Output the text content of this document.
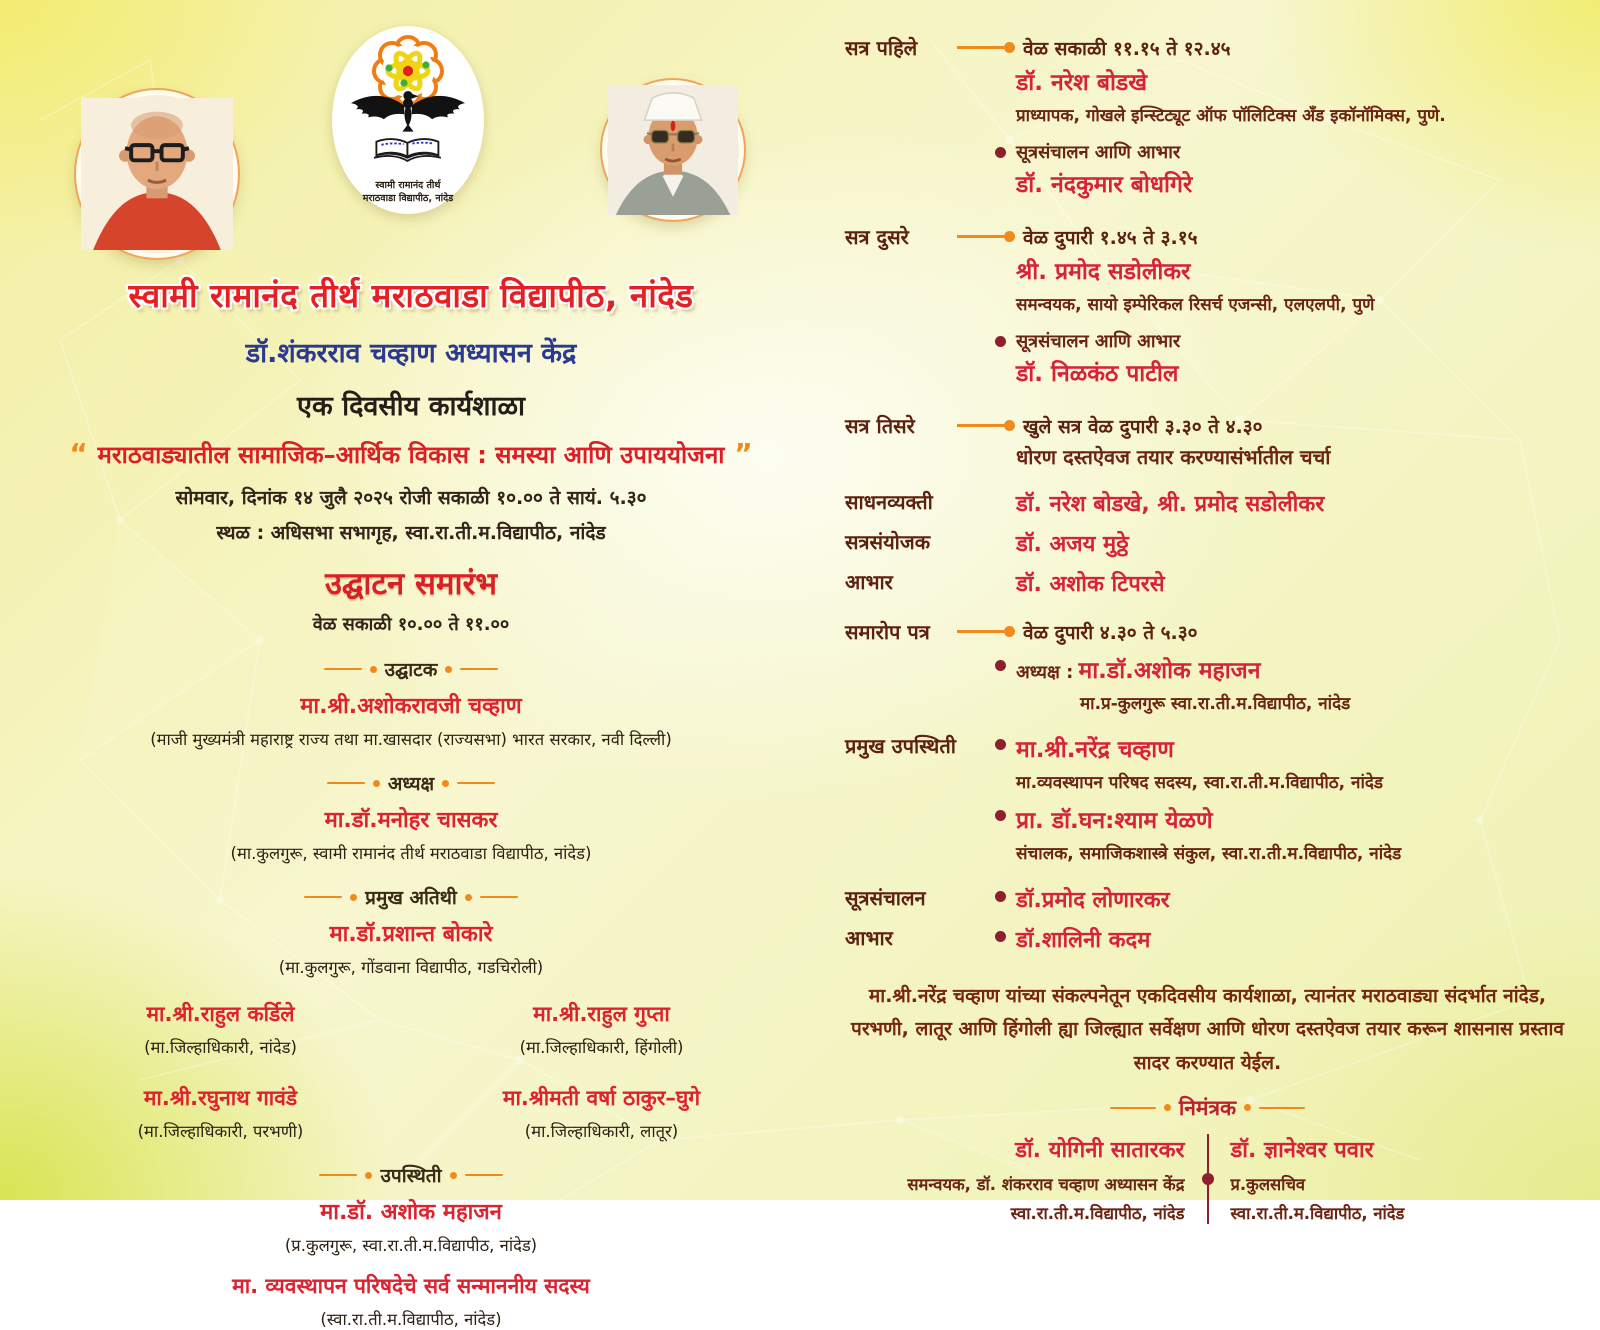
स्वामी रामानंद तीर्थ
मराठवाडा विद्यापीठ, नांदेड
स्वामी रामानंद तीर्थ मराठवाडा विद्यापीठ, नांदेड
डॉ.शंकरराव चव्हाण अध्यासन केंद्र
एक दिवसीय कार्यशाळा
“ मराठवाड्यातील सामाजिक–आर्थिक विकास : समस्या आणि उपाययोजना ”
सोमवार, दिनांक १४ जुलै २०२५ रोजी सकाळी १०.०० ते सायं. ५.३०
स्थळ : अधिसभा सभागृह, स्वा.रा.ती.म.विद्यापीठ, नांदेड
उद्घाटन समारंभ
वेळ सकाळी १०.०० ते ११.००
उद्घाटक
मा.श्री.अशोकरावजी चव्हाण
(माजी मुख्यमंत्री महाराष्ट्र राज्य तथा मा.खासदार (राज्यसभा) भारत सरकार, नवी दिल्ली)
अध्यक्ष
मा.डॉ.मनोहर चासकर
(मा.कुलगुरू, स्वामी रामानंद तीर्थ मराठवाडा विद्यापीठ, नांदेड)
प्रमुख अतिथी
मा.डॉ.प्रशान्त बोकारे
(मा.कुलगुरू, गोंडवाना विद्यापीठ, गडचिरोली)
मा.श्री.राहुल कर्डिले
(मा.जिल्हाधिकारी, नांदेड)
मा.श्री.राहुल गुप्ता
(मा.जिल्हाधिकारी, हिंगोली)
मा.श्री.रघुनाथ गावंडे
(मा.जिल्हाधिकारी, परभणी)
मा.श्रीमती वर्षा ठाकुर–घुगे
(मा.जिल्हाधिकारी, लातूर)
उपस्थिती
मा.डॉ. अशोक महाजन
(प्र.कुलगुरू, स्वा.रा.ती.म.विद्यापीठ, नांदेड)
मा. व्यवस्थापन परिषदेचे सर्व सन्माननीय सदस्य
(स्वा.रा.ती.म.विद्यापीठ, नांदेड)
सत्र पहिले	वेळ सकाळी ११.१५ ते १२.४५
डॉ. नरेश बोडखे
प्राध्यापक, गोखले इन्स्टिट्यूट ऑफ पॉलिटिक्स अँड इकॉनॉमिक्स, पुणे.
सूत्रसंचालन आणि आभार
डॉ. नंदकुमार बोधगिरे
सत्र दुसरे	वेळ दुपारी १.४५ ते ३.१५
श्री. प्रमोद सडोलीकर
समन्वयक, सायो इम्पेरिकल रिसर्च एजन्सी, एलएलपी, पुणे
सूत्रसंचालन आणि आभार
डॉ. निळकंठ पाटील
सत्र तिसरे	खुले सत्र वेळ दुपारी ३.३० ते ४.३०
धोरण दस्तऐवज तयार करण्यासंर्भातील चर्चा
साधनव्यक्ती	डॉ. नरेश बोडखे, श्री. प्रमोद सडोलीकर
सत्रसंयोजक	डॉ. अजय मुठ्ठे
आभार	डॉ. अशोक टिपरसे
समारोप पत्र	वेळ दुपारी ४.३० ते ५.३०
अध्यक्ष :
मा.डॉ.अशोक महाजन
मा.प्र-कुलगुरू स्वा.रा.ती.म.विद्यापीठ, नांदेड
प्रमुख उपस्थिती	मा.श्री.नरेंद्र चव्हाण
मा.व्यवस्थापन परिषद सदस्य, स्वा.रा.ती.म.विद्यापीठ, नांदेड
प्रा. डॉ.घन:श्याम येळणे
संचालक, समाजिकशास्त्रे संकुल, स्वा.रा.ती.म.विद्यापीठ, नांदेड
सूत्रसंचालन	डॉ.प्रमोद लोणारकर
आभार	डॉ.शालिनी कदम

मा.श्री.नरेंद्र चव्हाण यांच्या संकल्पनेतून एकदिवसीय कार्यशाळा, त्यानंतर मराठवाड्या संदर्भात नांदेड, परभणी, लातूर आणि हिंगोली ह्या जिल्ह्यात सर्वेक्षण आणि धोरण दस्तऐवज तयार करून शासनास प्रस्ताव सादर करण्यात येईल.

निमंत्रक
डॉ. योगिनी सातारकर
समन्वयक, डॉ. शंकरराव चव्हाण अध्यासन केंद्र
स्वा.रा.ती.म.विद्यापीठ, नांदेड
डॉ. ज्ञानेश्वर पवार
प्र.कुलसचिव
स्वा.रा.ती.म.विद्यापीठ, नांदेड
